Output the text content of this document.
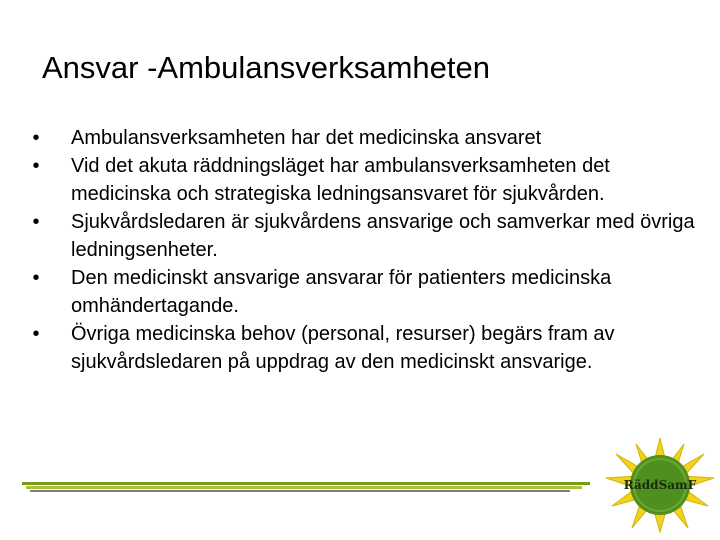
Ansvar -Ambulansverksamheten
•	Ambulansverksamheten har det medicinska ansvaret
•	Vid det akuta räddningsläget har ambulansverksamheten det medicinska och strategiska ledningsansvaret för sjukvården.
•	Sjukvårdsledaren är sjukvårdens ansvarige och samverkar med övriga ledningsenheter.
•	Den medicinskt ansvarige ansvarar för patienters medicinska omhändertagande.
•	Övriga medicinska behov (personal, resurser) begärs fram av sjukvårdsledaren på uppdrag av den medicinskt ansvarige.
RäddSamF
